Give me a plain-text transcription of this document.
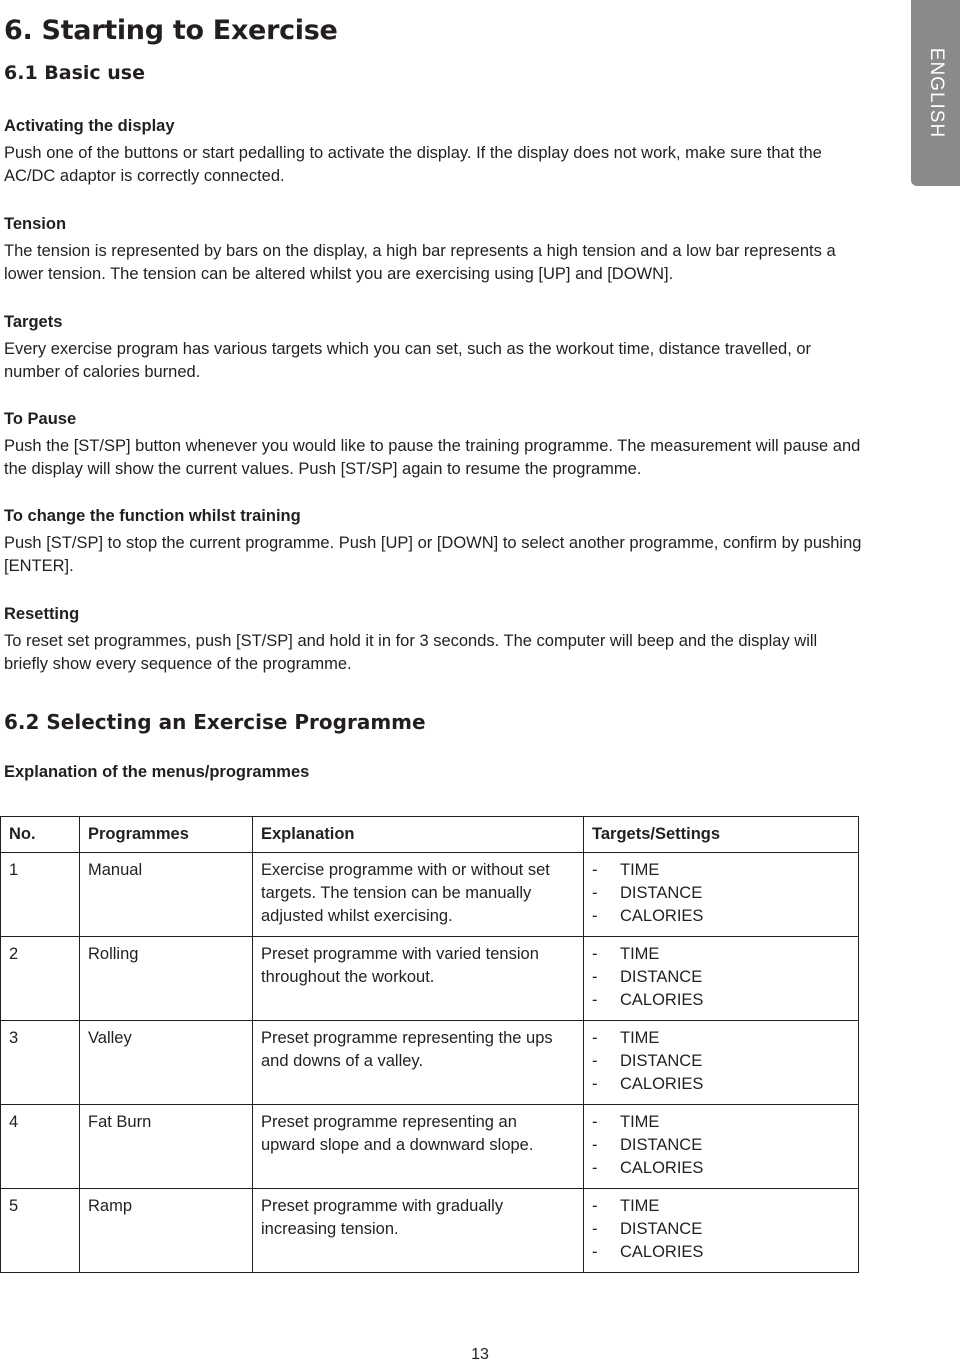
ENGLISH
6. Starting to Exercise
6.1 Basic use

Activating the display

Push one of the buttons or start pedalling to activate the display. If the display does not work, make sure that the AC/DC adaptor is correctly connected.

Tension

The tension is represented by bars on the display, a high bar represents a high tension and a low bar represents a lower tension. The tension can be altered whilst you are exercising using [UP] and [DOWN].

Targets

Every exercise program has various targets which you can set, such as the workout time, distance travelled, or number of calories burned.

To Pause

Push the [ST/SP] button whenever you would like to pause the training programme. The measurement will pause and the display will show the current values. Push [ST/SP] again to resume the programme.

To change the function whilst training

Push [ST/SP] to stop the current programme. Push [UP] or [DOWN] to select another programme, confirm by pushing [ENTER].

Resetting

To reset set programmes, push [ST/SP] and hold it in for 3 seconds. The computer will beep and the display will briefly show every sequence of the programme.

6.2 Selecting an Exercise Programme
Explanation of the menus/programmes
No.	Programmes	Explanation	Targets/Settings
1	Manual	Exercise programme with or without set targets. The tension can be manually adjusted whilst exercising.	- TIME
- DISTANCE
- CALORIES

2	Rolling	Preset programme with varied tension throughout the workout.	- TIME
- DISTANCE
- CALORIES

3	Valley	Preset programme representing the ups and downs of a valley.	- TIME
- DISTANCE
- CALORIES

4	Fat Burn	Preset programme representing an upward slope and a downward slope.	- TIME
- DISTANCE
- CALORIES

5	Ramp	Preset programme with gradually increasing tension.	- TIME
- DISTANCE
- CALORIES
13
